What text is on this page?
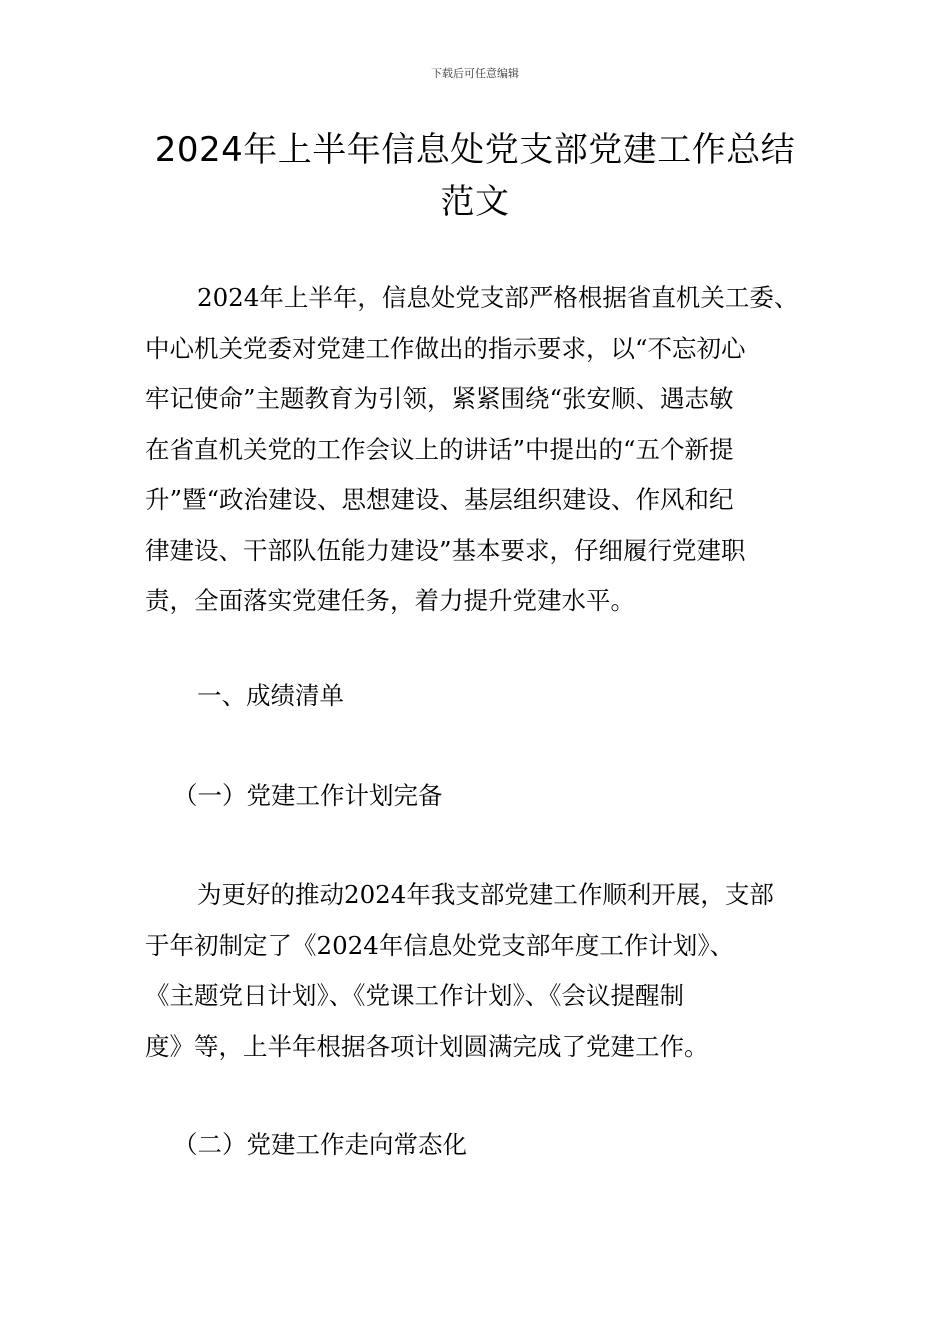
下载后可任意编辑
2024年上半年信息处党支部党建工作总结
范文
2024年上半年，信息处党支部严格根据省直机关工委、
中心机关党委对党建工作做出的指示要求，以“不忘初心
牢记使命”主题教育为引领，紧紧围绕“张安顺、遇志敏
在省直机关党的工作会议上的讲话”中提出的“五个新提
升”暨“政治建设、思想建设、基层组织建设、作风和纪
律建设、干部队伍能力建设”基本要求，仔细履行党建职
责，全面落实党建任务，着力提升党建水平。
一、成绩清单
（一）党建工作计划完备
为更好的推动2024年我支部党建工作顺利开展，支部
于年初制定了《2024年信息处党支部年度工作计划》、
《主题党日计划》、《党课工作计划》、《会议提醒制
度》等，上半年根据各项计划圆满完成了党建工作。
（二）党建工作走向常态化
